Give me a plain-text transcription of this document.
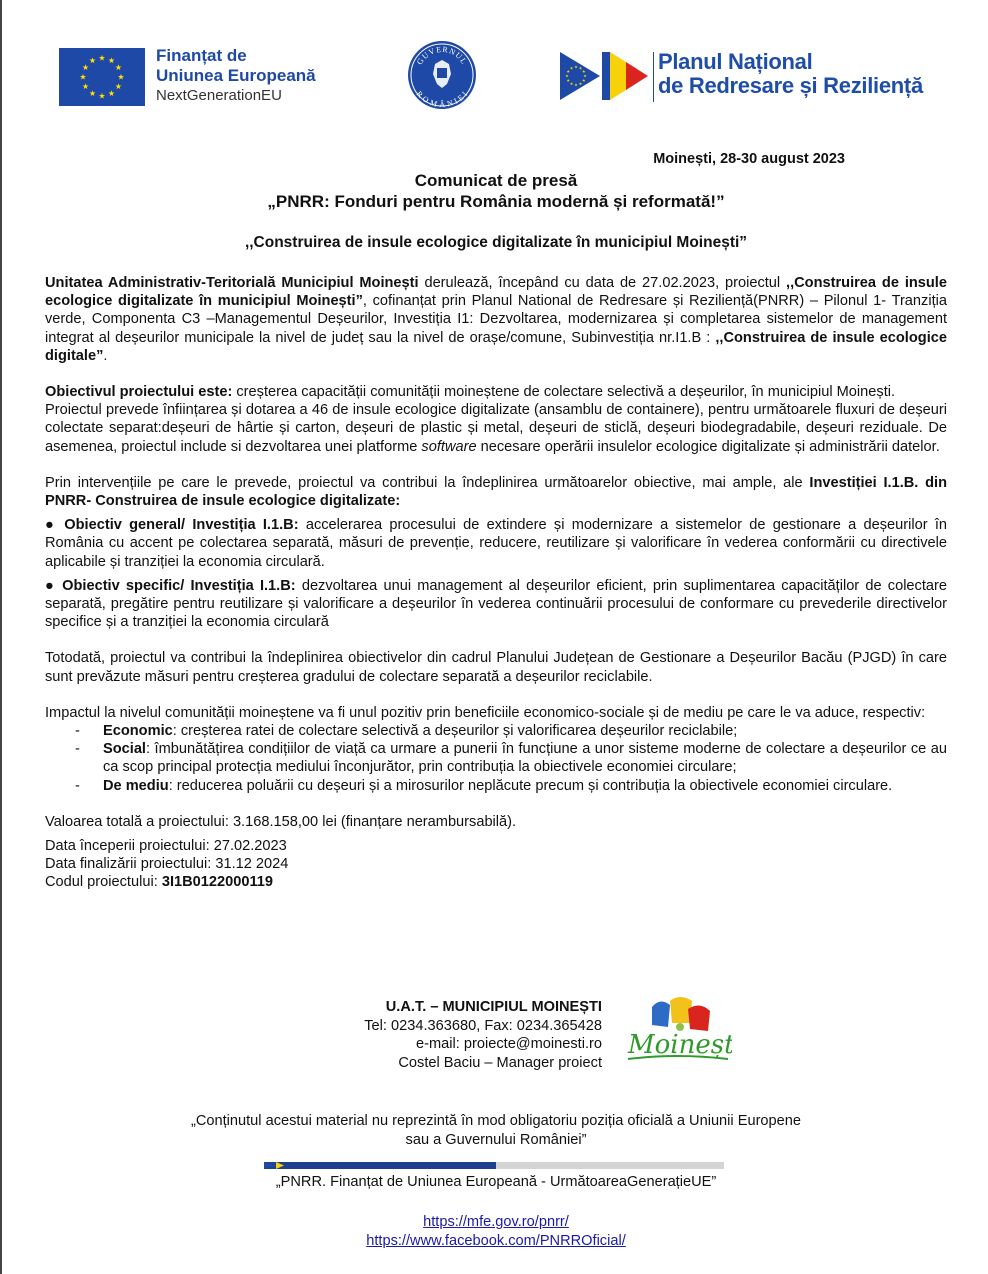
Finanțat de
Uniunea Europeană
NextGenerationEU
GUVERNUL
ROMÂNIEI
Planul Național
de Redresare și Reziliență
Moinești, 28-30 august 2023
Comunicat de presă
„PNRR: Fonduri pentru România modernă și reformată!”
,,Construirea de insule ecologice digitalizate în municipiul Moinești”

Unitatea Administrativ-Teritorială Municipiul Moinești derulează, începând cu data de 27.02.2023, proiectul ,,Construirea de insule ecologice digitalizate în municipiul Moinești”, cofinanțat prin Planul National de Redresare și Reziliență(PNRR) – Pilonul 1- Tranziția verde, Componenta C3 –Managementul Deșeurilor, Investiția I1: Dezvoltarea, modernizarea și completarea sistemelor de management integrat al deșeurilor municipale la nivel de județ sau la nivel de orașe/comune, Subinvestiția nr.I1.B : ,,Construirea de insule ecologice digitale”.

Obiectivul proiectului este: creșterea capacității comunității moineștene de colectare selectivă a deșeurilor, în municipiul Moinești.

Proiectul prevede înființarea și dotarea a 46 de insule ecologice digitalizate (ansamblu de containere), pentru următoarele fluxuri de deșeuri colectate separat:deșeuri de hârtie și carton, deșeuri de plastic și metal, deșeuri de sticlă, deșeuri biodegradabile, deșeuri reziduale. De asemenea, proiectul include si dezvoltarea unei platforme software necesare operării insulelor ecologice digitalizate și administrării datelor.

Prin intervențiile pe care le prevede, proiectul va contribui la îndeplinirea următoarelor obiective, mai ample, ale Investiției I.1.B. din PNRR- Construirea de insule ecologice digitalizate:

● Obiectiv general/ Investiția I.1.B: accelerarea procesului de extindere și modernizare a sistemelor de gestionare a deșeurilor în România cu accent pe colectarea separată, măsuri de prevenție, reducere, reutilizare și valorificare în vederea conformării cu directivele aplicabile și tranziției la economia circulară.

● Obiectiv specific/ Investiția I.1.B: dezvoltarea unui management al deșeurilor eficient, prin suplimentarea capacităților de colectare separată, pregătire pentru reutilizare și valorificare a deșeurilor în vederea continuării procesului de conformare cu prevederile directivelor specifice și a tranziției la economia circulară

Totodată, proiectul va contribui la îndeplinirea obiectivelor din cadrul Planului Județean de Gestionare a Deșeurilor Bacău (PJGD) în care sunt prevăzute măsuri pentru creșterea gradului de colectare separată a deșeurilor reciclabile.

Impactul la nivelul comunității moineștene va fi unul pozitiv prin beneficiile economico-sociale și de mediu pe care le va aduce, respectiv:

- Economic: creșterea ratei de colectare selectivă a deșeurilor și valorificarea deșeurilor reciclabile;
- Social: îmbunătățirea condițiilor de viață ca urmare a punerii în funcțiune a unor sisteme moderne de colectare a deșeurilor ce au ca scop principal protecția mediului înconjurător, prin contribuția la obiectivele economiei circulare;
- De mediu: reducerea poluării cu deșeuri și a mirosurilor neplăcute precum și contribuția la obiectivele economiei circulare.

Valoarea totală a proiectului: 3.168.158,00 lei (finanțare nerambursabilă).

Data începerii proiectului: 27.02.2023

Data finalizării proiectului: 31.12 2024

Codul proiectului: 3I1B0122000119

U.A.T. – MUNICIPIUL MOINEȘTI
Tel: 0234.363680, Fax: 0234.365428
e-mail: proiecte@moinesti.ro
Costel Baciu – Manager proiect
Moinești
„Conținutul acestui material nu reprezintă în mod obligatoriu poziția oficială a Uniunii Europene
sau a Guvernului României”
„PNRR. Finanțat de Uniunea Europeană - UrmătoareaGenerațieUE”
https://mfe.gov.ro/pnrr/
https://www.facebook.com/PNRROficial/
